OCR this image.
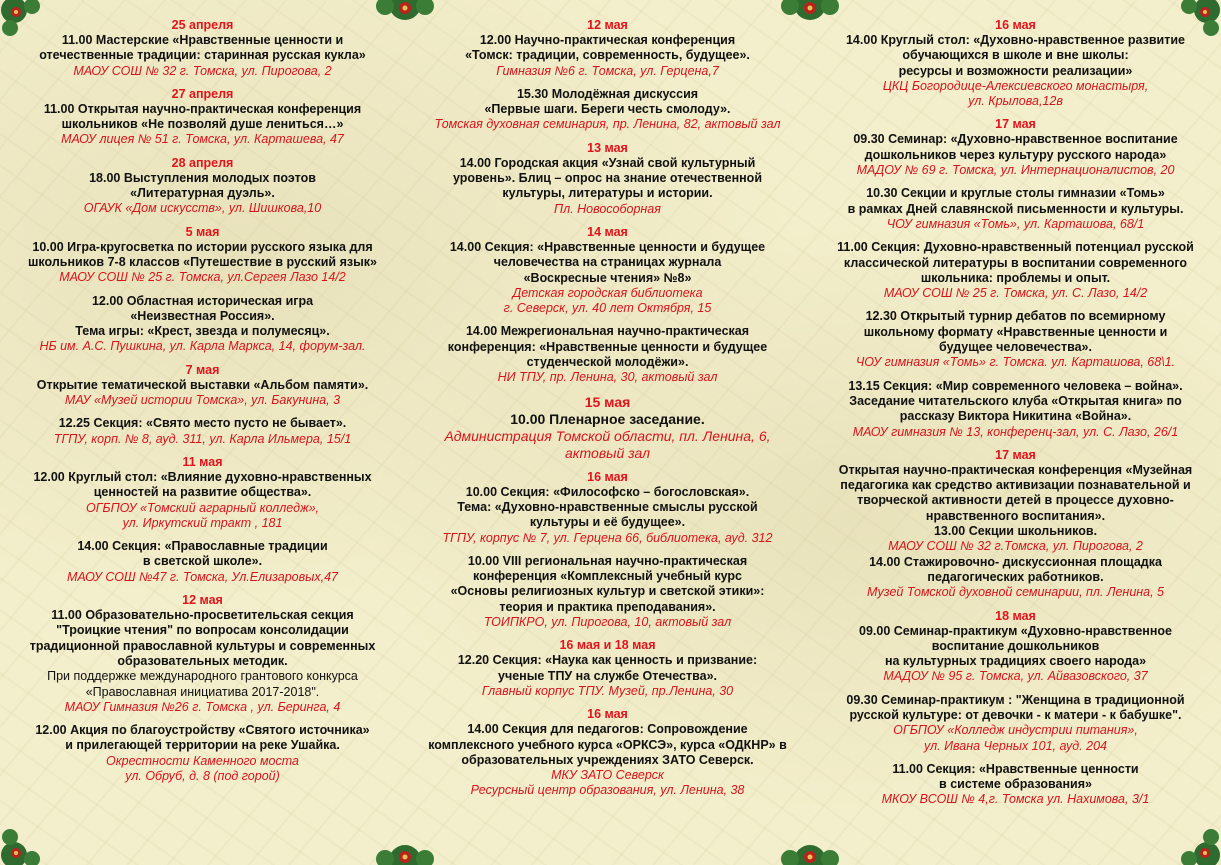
25 апреля
11.00 Мастерские «Нравственные ценности и
отечественные традиции: старинная русская кукла»
МАОУ СОШ № 32 г. Томска, ул. Пирогова, 2
27 апреля
11.00 Открытая научно-практическая конференция
школьников «Не позволяй душе лениться…»
МАОУ лицея № 51 г. Томска, ул. Карташева, 47
28 апреля
18.00 Выступления молодых поэтов
«Литературная дуэль».
ОГАУК «Дом искусств», ул. Шишкова,10
5 мая
10.00 Игра-кругосветка по истории русского языка для
школьников 7-8 классов «Путешествие в русский язык»
МАОУ СОШ № 25 г. Томска, ул.Сергея Лазо 14/2
12.00 Областная историческая игра
«Неизвестная Россия».
Тема игры: «Крест, звезда и полумесяц».
НБ им. А.С. Пушкина, ул. Карла Маркса, 14, форум-зал.
7 мая
Открытие тематической выставки «Альбом памяти».
МАУ «Музей истории Томска», ул. Бакунина, 3
12.25 Секция: «Свято место пусто не бывает».
ТГПУ, корп. № 8, ауд. 311, ул. Карла Ильмера, 15/1
11 мая
12.00 Круглый стол: «Влияние духовно-нравственных
ценностей на развитие общества».
ОГБПОУ «Томский аграрный колледж»,
ул. Иркутский тракт , 181
14.00 Секция: «Православные традиции
в светской школе».
МАОУ СОШ №47 г. Томска, Ул.Елизаровых,47
12 мая
11.00 Образовательно-просветительская секция
"Троицкие чтения" по вопросам консолидации
традиционной православной культуры и современных
образовательных методик.
При поддержке международного грантового конкурса
«Православная инициатива 2017-2018".
МАОУ Гимназия №26 г. Томска , ул. Беринга, 4
12.00 Акция по благоустройству «Святого источника»
и прилегающей территории на реке Ушайка.
Окрестности Каменного моста
ул. Обруб, д. 8 (под горой)
12 мая
12.00 Научно-практическая конференция
«Томск: традиции, современность, будущее».
Гимназия №6 г. Томска, ул. Герцена,7
15.30 Молодёжная дискуссия
«Первые шаги. Береги честь смолоду».
Томская духовная семинария, пр. Ленина, 82, актовый зал
13 мая
14.00 Городская акция «Узнай свой культурный
уровень». Блиц – опрос на знание отечественной
культуры, литературы и истории.
Пл. Новособорная
14 мая
14.00 Секция: «Нравственные ценности и будущее
человечества на страницах журнала
«Воскресные чтения» №8»
Детская городская библиотека
г. Северск, ул. 40 лет Октября, 15
14.00 Межрегиональная научно-практическая
конференция: «Нравственные ценности и будущее
студенческой молодёжи».
НИ ТПУ, пр. Ленина, 30, актовый зал
15 мая
10.00 Пленарное заседание.
Администрация Томской области, пл. Ленина, 6,
актовый зал
16 мая
10.00 Секция: «Философско – богословская».
Тема: «Духовно-нравственные смыслы русской
культуры и её будущее».
ТГПУ, корпус № 7, ул. Герцена 66, библиотека, ауд. 312
10.00 VIII региональная научно-практическая
конференция «Комплексный учебный курс
«Основы религиозных культур и светской этики»:
теория и практика преподавания».
ТОИПКРО, ул. Пирогова, 10, актовый зал
16 мая и 18 мая
12.20 Секция: «Наука как ценность и призвание:
ученые ТПУ на службе Отечества».
Главный корпус ТПУ. Музей, пр.Ленина, 30
16 мая
14.00 Секция для педагогов: Сопровождение
комплексного учебного курса «ОРКСЭ», курса «ОДКНР» в
образовательных учреждениях ЗАТО Северск.
МКУ ЗАТО Северск
Ресурсный центр образования, ул. Ленина, 38
16 мая
14.00 Круглый стол: «Духовно-нравственное развитие
обучающихся в школе и вне школы:
ресурсы и возможности реализации»
ЦКЦ Богородице-Алексиевского монастыря,
ул. Крылова,12в
17 мая
09.30 Семинар: «Духовно-нравственное воспитание
дошкольников через культуру русского народа»
МАДОУ № 69 г. Томска, ул. Интернационалистов, 20
10.30 Секции и круглые столы гимназии «Томь»
в рамках Дней славянской письменности и культуры.
ЧОУ гимназия «Томь», ул. Карташова, 68/1
11.00 Секция: Духовно-нравственный потенциал русской
классической литературы в воспитании современного
школьника: проблемы и опыт.
МАОУ СОШ № 25 г. Томска, ул. С. Лазо, 14/2
12.30 Открытый турнир дебатов по всемирному
школьному формату «Нравственные ценности и
будущее человечества».
ЧОУ гимназия «Томь» г. Томска. ул. Карташова, 68\1.
13.15 Секция: «Мир современного человека – война».
Заседание читательского клуба «Открытая книга» по
рассказу Виктора Никитина «Война».
МАОУ гимназия № 13, конференц-зал, ул. С. Лазо, 26/1
17 мая
Открытая научно-практическая конференция «Музейная
педагогика как средство активизации познавательной и
творческой активности детей в процессе духовно-
нравственного воспитания».
13.00 Секции школьников.
МАОУ СОШ № 32 г.Томска, ул. Пирогова, 2
14.00 Стажировочно- дискуссионная площадка
педагогических работников.
Музей Томской духовной семинарии, пл. Ленина, 5
18 мая
09.00 Семинар-практикум «Духовно-нравственное
воспитание дошкольников
на культурных традициях своего народа»
МАДОУ № 95 г. Томска, ул. Айвазовского, 37
09.30 Семинар-практикум : "Женщина в традиционной
русской культуре: от девочки - к матери - к бабушке".
ОГБПОУ «Колледж индустрии питания»,
ул. Ивана Черных 101, ауд. 204
11.00 Секция: «Нравственные ценности
в системе образования»
МКОУ ВСОШ № 4,г. Томска ул. Нахимова, 3/1
